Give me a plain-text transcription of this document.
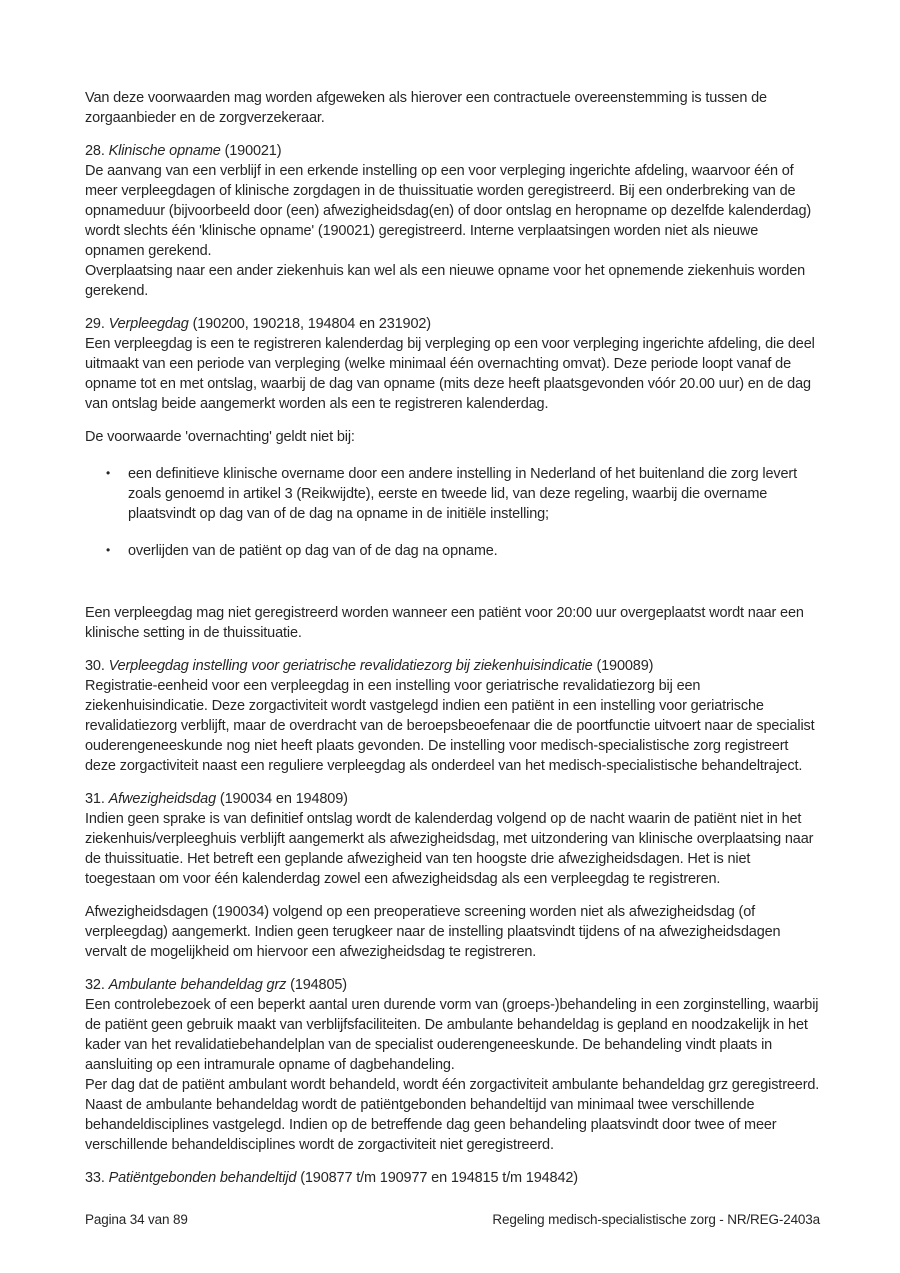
Van deze voorwaarden mag worden afgeweken als hierover een contractuele overeenstemming is tussen de zorgaanbieder en de zorgverzekeraar.

28. Klinische opname (190021)

De aanvang van een verblijf in een erkende instelling op een voor verpleging ingerichte afdeling, waarvoor één of meer verpleegdagen of klinische zorgdagen in de thuissituatie worden geregistreerd. Bij een onderbreking van de opnameduur (bijvoorbeeld door (een) afwezigheidsdag(en) of door ontslag en heropname op dezelfde kalenderdag) wordt slechts één 'klinische opname' (190021) geregistreerd. Interne verplaatsingen worden niet als nieuwe opnamen gerekend.

Overplaatsing naar een ander ziekenhuis kan wel als een nieuwe opname voor het opnemende ziekenhuis worden gerekend.

29. Verpleegdag (190200, 190218, 194804 en 231902)

Een verpleegdag is een te registreren kalenderdag bij verpleging op een voor verpleging ingerichte afdeling, die deel uitmaakt van een periode van verpleging (welke minimaal één overnachting omvat). Deze periode loopt vanaf de opname tot en met ontslag, waarbij de dag van opname (mits deze heeft plaatsgevonden vóór 20.00 uur) en de dag van ontslag beide aangemerkt worden als een te registreren kalenderdag.

De voorwaarde 'overnachting' geldt niet bij:

• een definitieve klinische overname door een andere instelling in Nederland of het buitenland die zorg levert zoals genoemd in artikel 3 (Reikwijdte), eerste en tweede lid, van deze regeling, waarbij die overname plaatsvindt op dag van of de dag na opname in de initiële instelling;
• overlijden van de patiënt op dag van of de dag na opname.

Een verpleegdag mag niet geregistreerd worden wanneer een patiënt voor 20:00 uur overgeplaatst wordt naar een klinische setting in de thuissituatie.

30. Verpleegdag instelling voor geriatrische revalidatiezorg bij ziekenhuisindicatie (190089)

Registratie-eenheid voor een verpleegdag in een instelling voor geriatrische revalidatiezorg bij een ziekenhuisindicatie. Deze zorgactiviteit wordt vastgelegd indien een patiënt in een instelling voor geriatrische revalidatiezorg verblijft, maar de overdracht van de beroepsbeoefenaar die de poortfunctie uitvoert naar de specialist ouderengeneeskunde nog niet heeft plaats gevonden. De instelling voor medisch-specialistische zorg registreert deze zorgactiviteit naast een reguliere verpleegdag als onderdeel van het medisch-specialistische behandeltraject.

31. Afwezigheidsdag (190034 en 194809)

Indien geen sprake is van definitief ontslag wordt de kalenderdag volgend op de nacht waarin de patiënt niet in het ziekenhuis/verpleeghuis verblijft aangemerkt als afwezigheidsdag, met uitzondering van klinische overplaatsing naar de thuissituatie. Het betreft een geplande afwezigheid van ten hoogste drie afwezigheidsdagen. Het is niet toegestaan om voor één kalenderdag zowel een afwezigheidsdag als een verpleegdag te registreren.

Afwezigheidsdagen (190034) volgend op een preoperatieve screening worden niet als afwezigheidsdag (of verpleegdag) aangemerkt. Indien geen terugkeer naar de instelling plaatsvindt tijdens of na afwezigheidsdagen vervalt de mogelijkheid om hiervoor een afwezigheidsdag te registreren.

32. Ambulante behandeldag grz (194805)

Een controlebezoek of een beperkt aantal uren durende vorm van (groeps-)behandeling in een zorginstelling, waarbij de patiënt geen gebruik maakt van verblijfsfaciliteiten. De ambulante behandeldag is gepland en noodzakelijk in het kader van het revalidatiebehandelplan van de specialist ouderengeneeskunde. De behandeling vindt plaats in aansluiting op een intramurale opname of dagbehandeling.

Per dag dat de patiënt ambulant wordt behandeld, wordt één zorgactiviteit ambulante behandeldag grz geregistreerd. Naast de ambulante behandeldag wordt de patiëntgebonden behandeltijd van minimaal twee verschillende behandeldisciplines vastgelegd. Indien op de betreffende dag geen behandeling plaatsvindt door twee of meer verschillende behandeldisciplines wordt de zorgactiviteit niet geregistreerd.

33. Patiëntgebonden behandeltijd (190877 t/m 190977 en 194815 t/m 194842)

Pagina 34 van 89	Regeling medisch-specialistische zorg - NR/REG-2403a
